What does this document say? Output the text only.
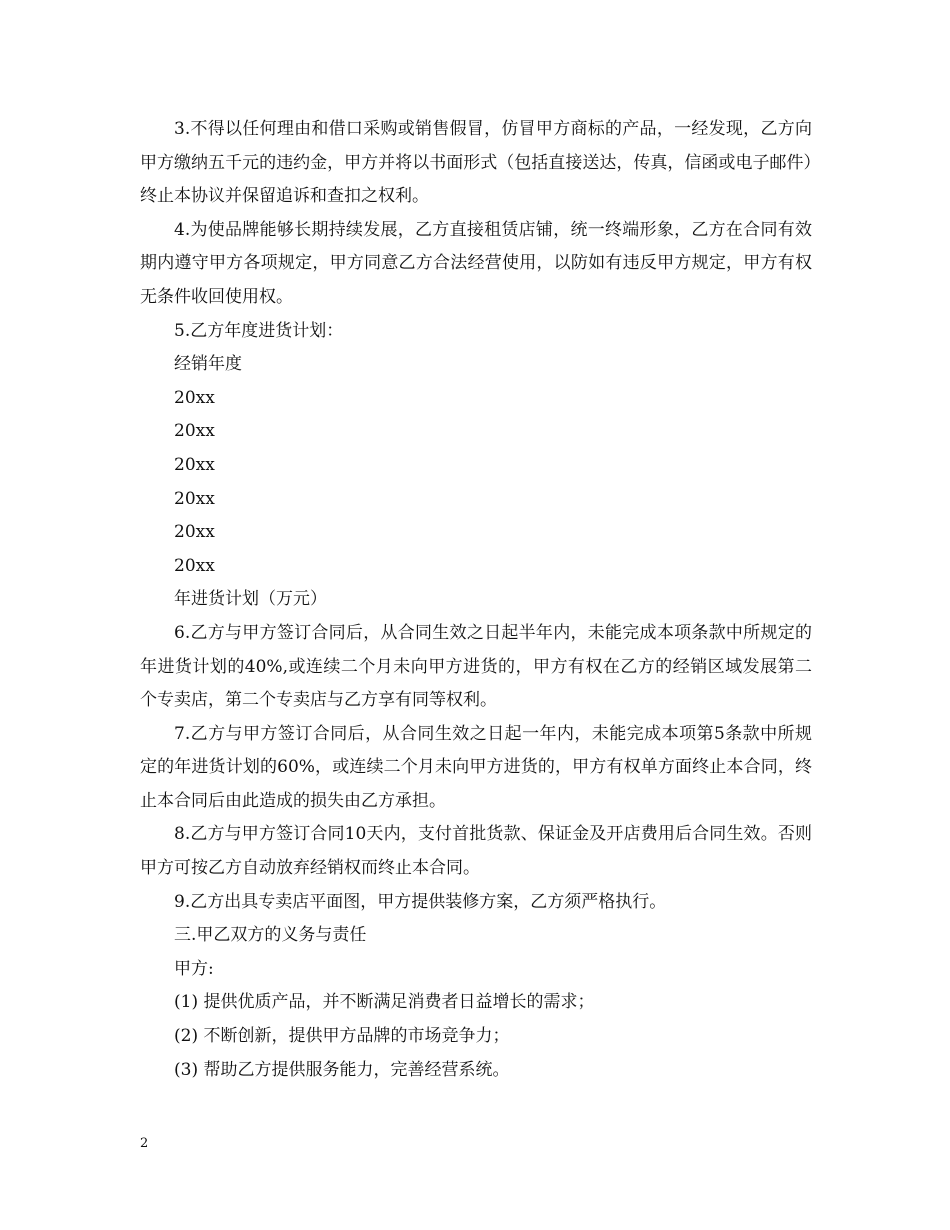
3.不得以任何理由和借口采购或销售假冒，仿冒甲方商标的产品，一经发现，乙方向甲方缴纳五千元的违约金，甲方并将以书面形式（包括直接送达，传真，信函或电子邮件）终止本协议并保留追诉和查扣之权利。

4.为使品牌能够长期持续发展，乙方直接租赁店铺，统一终端形象，乙方在合同有效期内遵守甲方各项规定，甲方同意乙方合法经营使用，以防如有违反甲方规定，甲方有权无条件收回使用权。

5.乙方年度进货计划：

经销年度

20xx

20xx

20xx

20xx

20xx

20xx

年进货计划（万元）

6.乙方与甲方签订合同后，从合同生效之日起半年内，未能完成本项条款中所规定的年进货计划的40%,或连续二个月未向甲方进货的，甲方有权在乙方的经销区域发展第二个专卖店，第二个专卖店与乙方享有同等权利。

7.乙方与甲方签订合同后，从合同生效之日起一年内，未能完成本项第5条款中所规定的年进货计划的60%，或连续二个月未向甲方进货的，甲方有权单方面终止本合同，终止本合同后由此造成的损失由乙方承担。

8.乙方与甲方签订合同10天内，支付首批货款、保证金及开店费用后合同生效。否则甲方可按乙方自动放弃经销权而终止本合同。

9.乙方出具专卖店平面图，甲方提供装修方案，乙方须严格执行。

三.甲乙双方的义务与责任

甲方:

(1) 提供优质产品，并不断满足消费者日益增长的需求；

(2) 不断创新，提供甲方品牌的市场竞争力；

(3) 帮助乙方提供服务能力，完善经营系统。

2
